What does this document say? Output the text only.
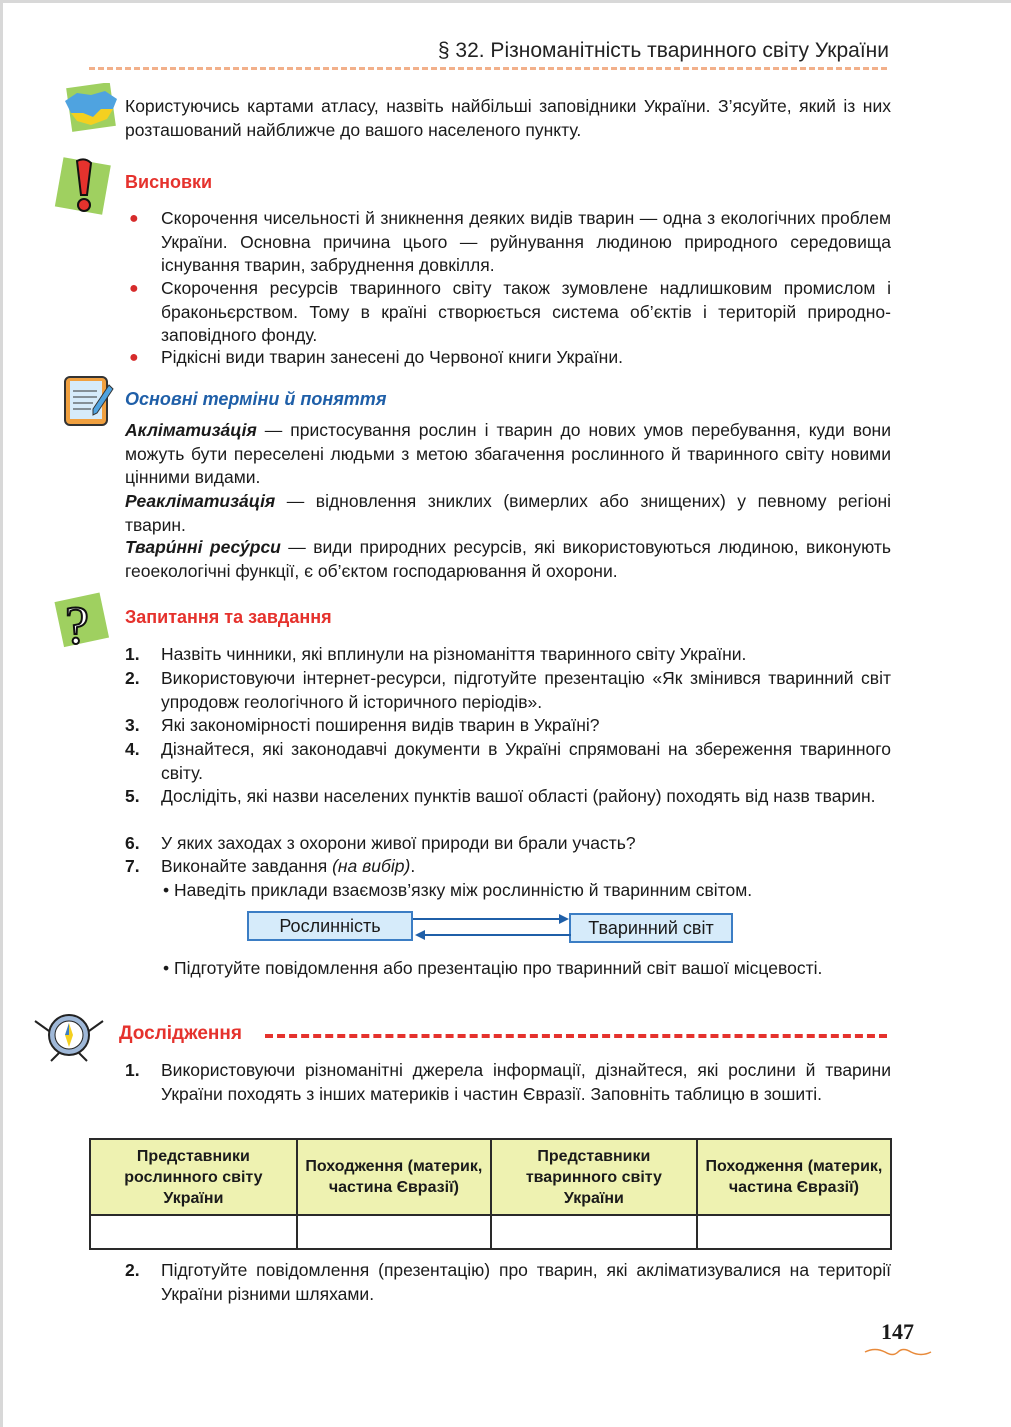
§ 32. Різноманітність тваринного світу України
Користуючись картами атласу, назвіть найбільші заповідники України. З’ясуйте, який із них розташований найближче до вашого населеного пункту.
Висновки
● Скорочення чисельності й зникнення деяких видів тварин — одна з екологічних проблем України. Основна причина цього — руйнування людиною природного середовища існування тварин, забруднення довкілля.
● Скорочення ресурсів тваринного світу також зумовлене надлишковим промислом і браконьєрством. Тому в країні створюється система об’єктів і територій природно-заповідного фонду.
● Рідкісні види тварин занесені до Червоної книги України.
Основні терміни й поняття
Акліматиза́ція — пристосування рослин і тварин до нових умов перебування, куди вони можуть бути переселені людьми з метою збагачення рослинного й тваринного світу новими цінними видами.
Реакліматиза́ція — відновлення зниклих (вимерлих або знищених) у певному регіоні тварин.
Твари́нні ресу́рси — види природних ресурсів, які використовуються людиною, виконують геоекологічні функції, є об’єктом господарювання й охорони.
? Запитання та завдання
1. Назвіть чинники, які вплинули на різноманіття тваринного світу України.
2. Використовуючи інтернет-ресурси, підготуйте презентацію «Як змінився тваринний світ упродовж геологічного й історичного періодів».
3. Які закономірності поширення видів тварин в Україні?
4. Дізнайтеся, які законодавчі документи в Україні спрямовані на збереження тваринного світу.
5. Дослідіть, які назви населених пунктів вашої області (району) походять від назв тварин.
6. У яких заходах з охорони живої природи ви брали участь?
7. Виконайте завдання (на вибір).
• Наведіть приклади взаємозв’язку між рослинністю й тваринним світом.
Рослинність	Тваринний світ
• Підготуйте повідомлення або презентацію про тваринний світ вашої місцевості.
Дослідження
1. Використовуючи різноманітні джерела інформації, дізнайтеся, які рослини й тварини України походять з інших материків і частин Євразії. Заповніть таблицю в зошиті.
Представники рослинного світу України	Походження (материк, частина Євразії)	Представники тваринного світу України	Походження (материк, частина Євразії)

2. Підготуйте повідомлення (презентацію) про тварин, які акліматизувалися на території України різними шляхами.
147
